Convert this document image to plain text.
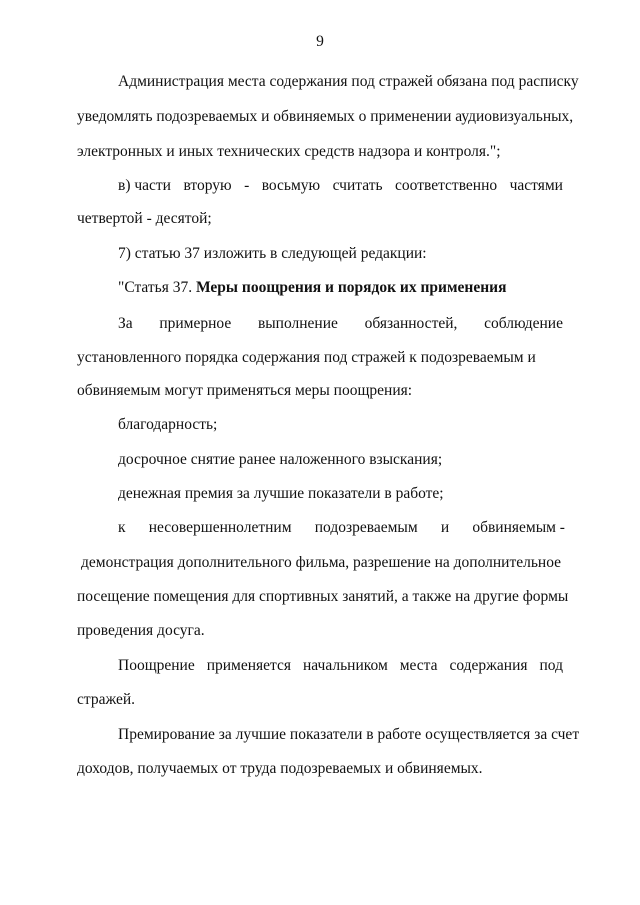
9
Администрация места содержания под стражей обязана под расписку
уведомлять подозреваемых и обвиняемых о применении аудиовизуальных,
электронных и иных технических средств надзора и контроля.";
в) части вторую - восьмую считать соответственно частями
четвертой - десятой;
7) статью 37 изложить в следующей редакции:
"Статья 37. Меры поощрения и порядок их применения
За примерное выполнение обязанностей, соблюдение
установленного порядка содержания под стражей к подозреваемым и
обвиняемым могут применяться меры поощрения:
благодарность;
досрочное снятие ранее наложенного взыскания;
денежная премия за лучшие показатели в работе;
к несовершеннолетним подозреваемым и обвиняемым -
демонстрация дополнительного фильма, разрешение на дополнительное
посещение помещения для спортивных занятий, а также на другие формы
проведения досуга.
Поощрение применяется начальником места содержания под
стражей.
Премирование за лучшие показатели в работе осуществляется за счет
доходов, получаемых от труда подозреваемых и обвиняемых.
